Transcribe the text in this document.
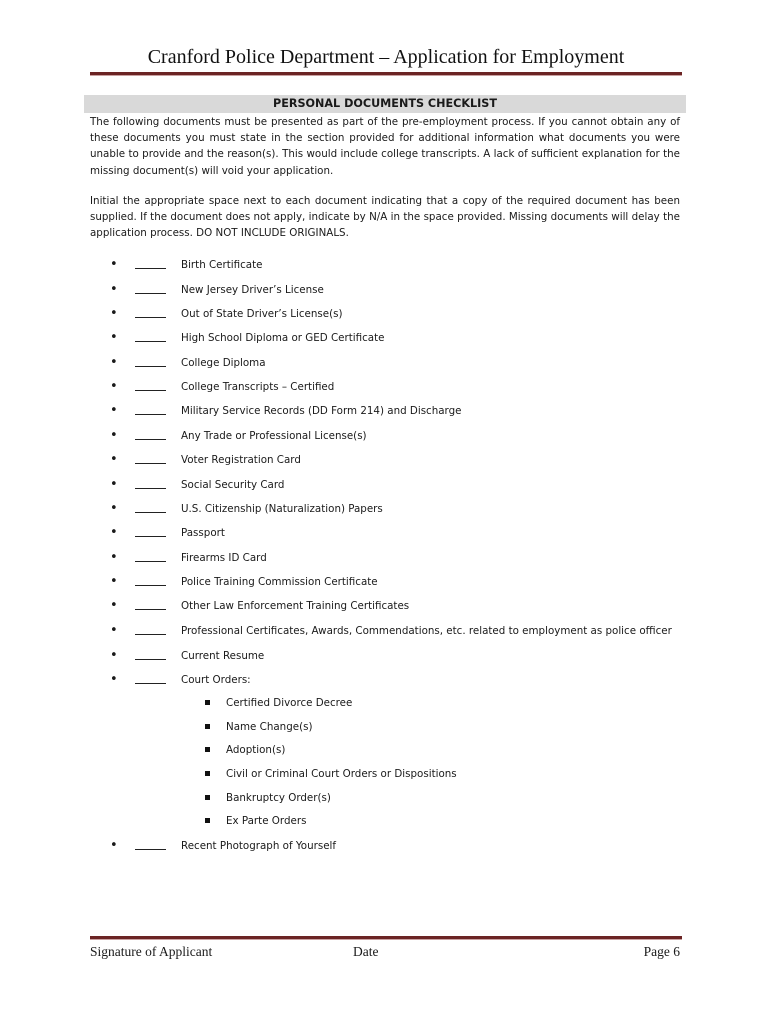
Cranford Police Department – Application for Employment
PERSONAL DOCUMENTS CHECKLIST

The following documents must be presented as part of the pre-employment process. If you cannot obtain any of these documents you must state in the section provided for additional information what documents you were unable to provide and the reason(s). This would include college transcripts. A lack of sufficient explanation for the missing document(s) will void your application.

Initial the appropriate space next to each document indicating that a copy of the required document has been supplied. If the document does not apply, indicate by N/A in the space provided. Missing documents will delay the application process. DO NOT INCLUDE ORIGINALS.

•	Birth Certificate
•	New Jersey Driver’s License
•	Out of State Driver’s License(s)
•	High School Diploma or GED Certificate
•	College Diploma
•	College Transcripts – Certified
•	Military Service Records (DD Form 214) and Discharge
•	Any Trade or Professional License(s)
•	Voter Registration Card
•	Social Security Card
•	U.S. Citizenship (Naturalization) Papers
•	Passport
•	Firearms ID Card
•	Police Training Commission Certificate
•	Other Law Enforcement Training Certificates
•	Professional Certificates, Awards, Commendations, etc. related to employment as police officer
•	Current Resume
•	Court Orders:
Certified Divorce Decree
Name Change(s)
Adoption(s)
Civil or Criminal Court Orders or Dispositions
Bankruptcy Order(s)
Ex Parte Orders
•	Recent Photograph of Yourself
Signature of Applicant	Date	Page 6
